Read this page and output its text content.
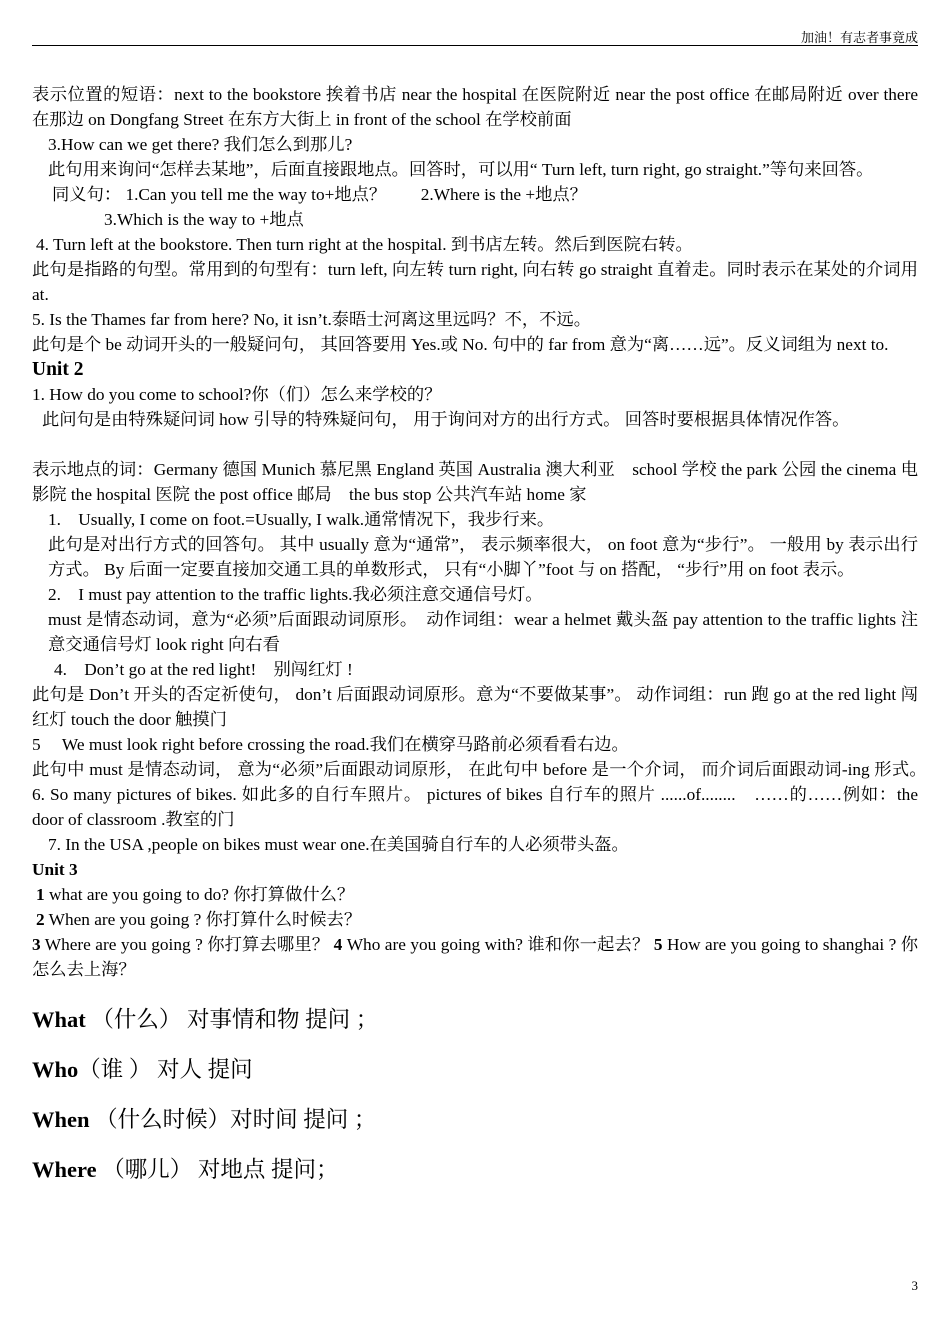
加油！有志者事竟成

表示位置的短语：next to the bookstore 挨着书店 near the hospital 在医院附近 near the post office 在邮局附近 over there 在那边 on Dongfang Street 在东方大街上 in front of the school 在学校前面

3.How can we get there? 我们怎么到那儿?

此句用来询问“怎样去某地”，后面直接跟地点。回答时，可以用“ Turn left, turn right, go straight.”等句来回答。

同义句： 1.Can you tell me the way to+地点？　　2.Where is the +地点？

3.Which is the way to +地点

4. Turn left at the bookstore. Then turn right at the hospital. 到书店左转。然后到医院右转。

此句是指路的句型。常用到的句型有：turn left, 向左转 turn right, 向右转 go straight 直着走。同时表示在某处的介词用 at.

5. Is the Thames far from here? No, it isn’t.泰晤士河离这里远吗？不，不远。

此句是个 be 动词开头的一般疑问句， 其回答要用 Yes.或 No. 句中的 far from 意为“离……远”。反义词组为 next to.

Unit 2

1. How do you come to school?你（们）怎么来学校的？

此问句是由特殊疑问词 how 引导的特殊疑问句， 用于询问对方的出行方式。 回答时要根据具体情况作答。

表示地点的词：Germany 德国 Munich 慕尼黑 England 英国 Australia 澳大利亚　school 学校 the park 公园 the cinema 电影院 the hospital 医院 the post office 邮局　the bus stop 公共汽车站 home 家

1.　Usually, I come on foot.=Usually, I walk.通常情况下，我步行来。

此句是对出行方式的回答句。 其中 usually 意为“通常”， 表示频率很大， on foot 意为“步行”。 一般用 by 表示出行方式。 By 后面一定要直接加交通工具的单数形式， 只有“小脚丫”foot 与 on 搭配， “步行”用 on foot 表示。

2.　I must pay attention to the traffic lights.我必须注意交通信号灯。

must 是情态动词，意为“必须”后面跟动词原形。　动作词组：wear a helmet 戴头盔 pay attention to the traffic lights 注意交通信号灯 look right 向右看

4.　Don’t go at the red light!　别闯红灯 !

此句是 Don’t 开头的否定祈使句， don’t 后面跟动词原形。意为“不要做某事”。 动作词组：run 跑 go at the red light 闯红灯 touch the door 触摸门

5　 We must look right before crossing the road.我们在横穿马路前必须看看右边。

此句中 must 是情态动词， 意为“必须”后面跟动词原形， 在此句中 before 是一个介词， 而介词后面跟动词-ing 形式。　 6. So many pictures of bikes. 如此多的自行车照片。 pictures of bikes 自行车的照片 ......of........　……的……例如：the door of classroom .教室的门

7. In the USA ,people on bikes must wear one.在美国骑自行车的人必须带头盔。

Unit 3

1 what are you going to do? 你打算做什么？

2 When are you going ? 你打算什么时候去？

3 Where are you going ? 你打算去哪里？ 4 Who are you going with? 谁和你一起去？ 5 How are you going to shanghai ? 你怎么去上海？

What （什么） 对事情和物 提问 ；

Who（谁 ） 对人 提问

When （什么时候）对时间 提问 ；

Where （哪儿） 对地点 提问；

3
